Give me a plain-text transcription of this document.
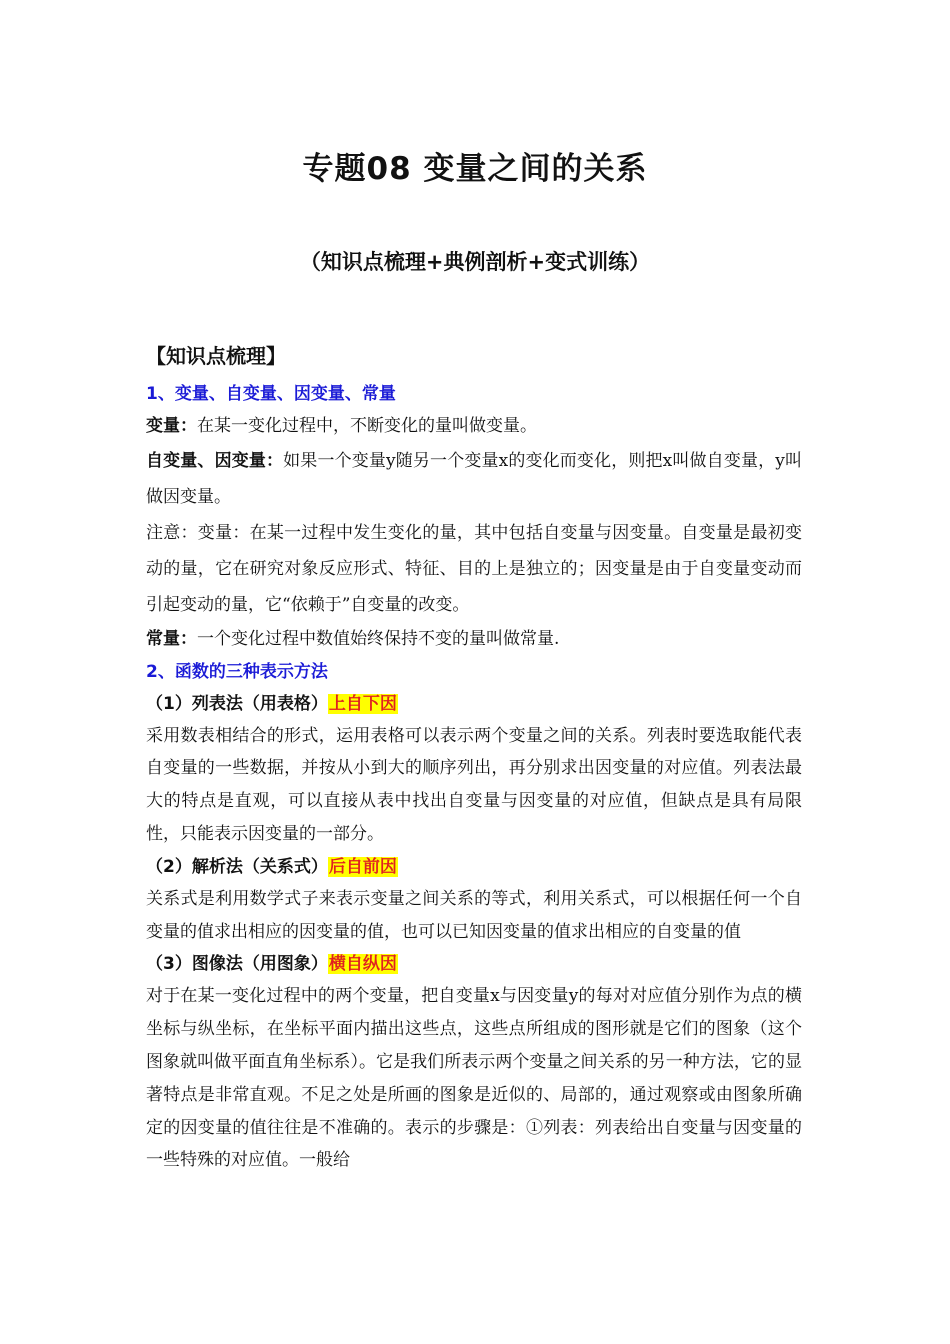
专题08 变量之间的关系
（知识点梳理+典例剖析+变式训练）
【知识点梳理】
1、变量、自变量、因变量、常量

变量：在某一变化过程中，不断变化的量叫做变量。

自变量、因变量：如果一个变量y随另一个变量x的变化而变化，则把x叫做自变量，y叫做因变量。

注意：变量：在某一过程中发生变化的量，其中包括自变量与因变量。自变量是最初变动的量，它在研究对象反应形式、特征、目的上是独立的；因变量是由于自变量变动而引起变动的量，它“依赖于”自变量的改变。

常量：一个变化过程中数值始终保持不变的量叫做常量.

2、函数的三种表示方法
（1）列表法（用表格）上自下因

采用数表相结合的形式，运用表格可以表示两个变量之间的关系。列表时要选取能代表自变量的一些数据，并按从小到大的顺序列出，再分别求出因变量的对应值。列表法最大的特点是直观，可以直接从表中找出自变量与因变量的对应值，但缺点是具有局限性，只能表示因变量的一部分。

（2）解析法（关系式）后自前因

关系式是利用数学式子来表示变量之间关系的等式，利用关系式，可以根据任何一个自变量的值求出相应的因变量的值，也可以已知因变量的值求出相应的自变量的值

（3）图像法（用图象）横自纵因

对于在某一变化过程中的两个变量，把自变量x与因变量y的每对对应值分别作为点的横坐标与纵坐标，在坐标平面内描出这些点，这些点所组成的图形就是它们的图象（这个图象就叫做平面直角坐标系）。它是我们所表示两个变量之间关系的另一种方法，它的显著特点是非常直观。不足之处是所画的图象是近似的、局部的，通过观察或由图象所确定的因变量的值往往是不准确的。表示的步骤是：①列表：列表给出自变量与因变量的一些特殊的对应值。一般给
